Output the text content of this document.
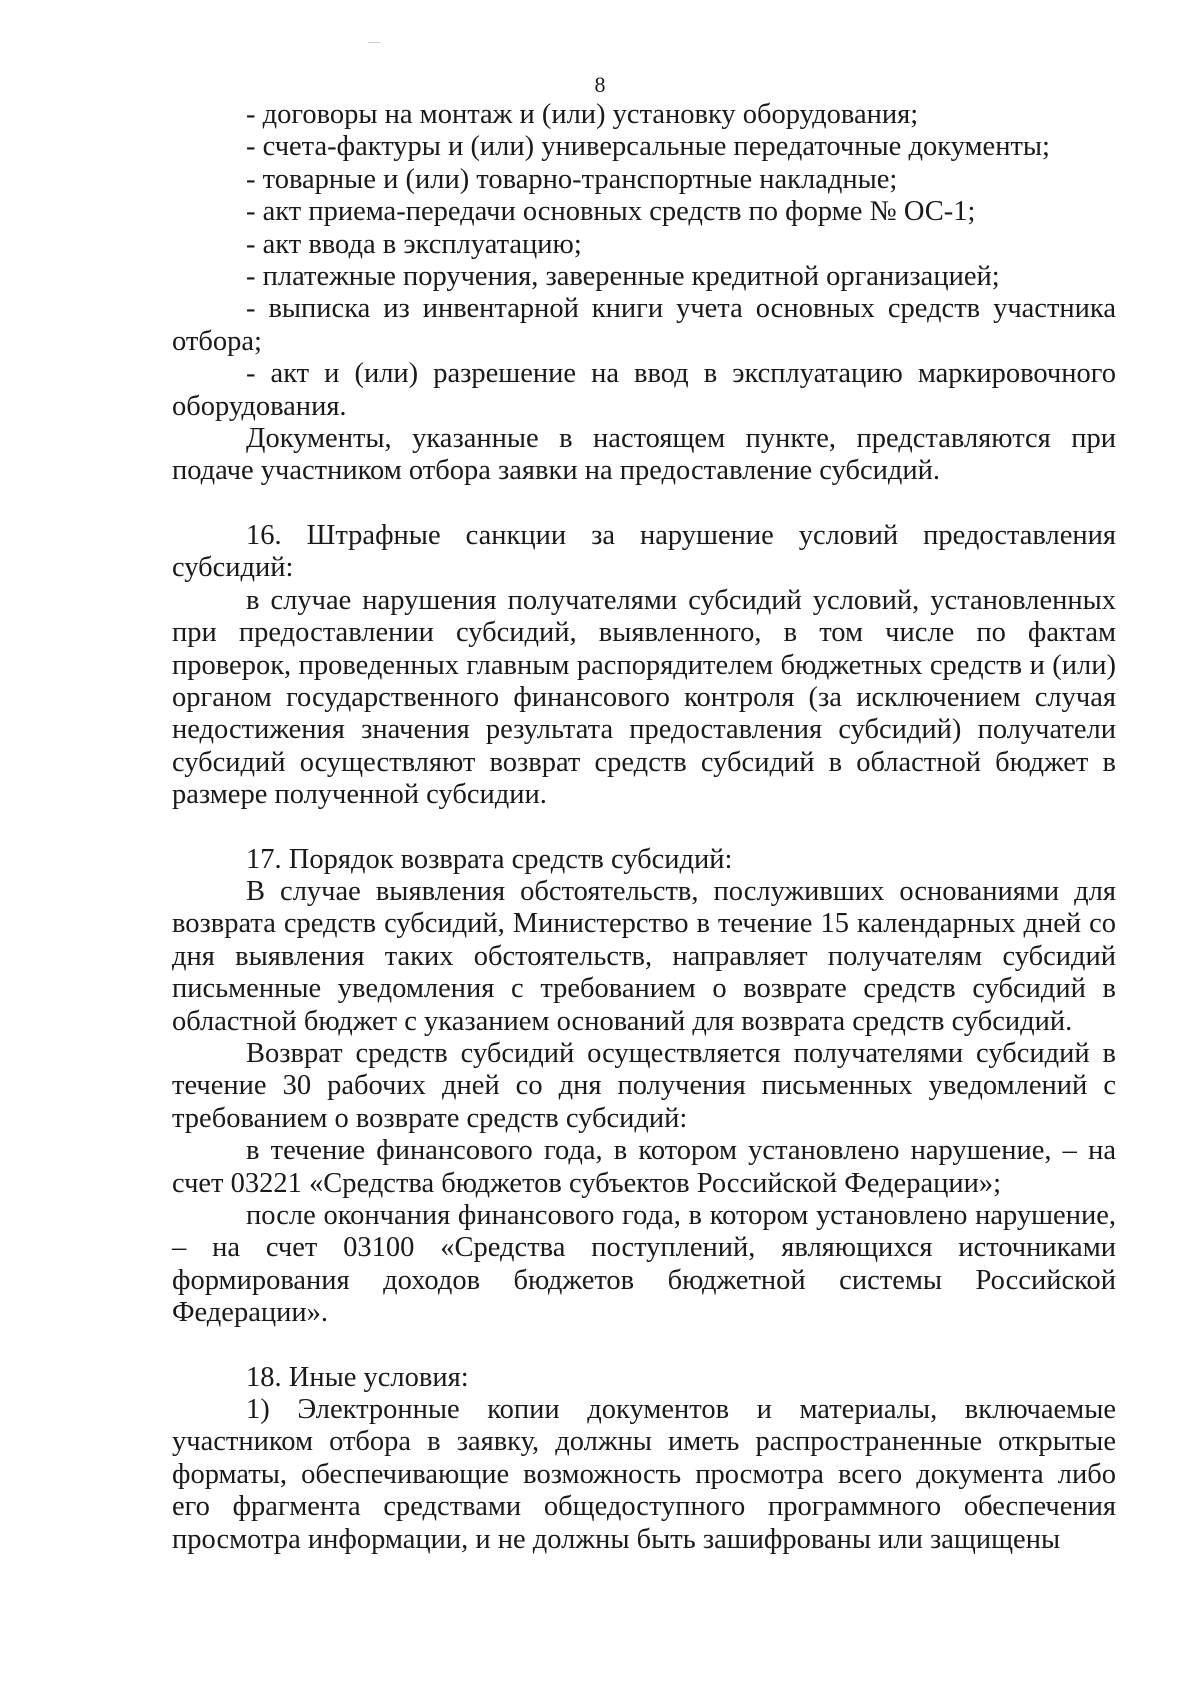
8

- договоры на монтаж и (или) установку оборудования;

- счета-фактуры и (или) универсальные передаточные документы;

- товарные и (или) товарно-транспортные накладные;

- акт приема-передачи основных средств по форме № ОС-1;

- акт ввода в эксплуатацию;

- платежные поручения, заверенные кредитной организацией;

- выписка из инвентарной книги учета основных средств участника отбора;

- акт и (или) разрешение на ввод в эксплуатацию маркировочного оборудования.

Документы, указанные в настоящем пункте, представляются при подаче участником отбора заявки на предоставление субсидий.

16. Штрафные санкции за нарушение условий предоставления субсидий:

в случае нарушения получателями субсидий условий, установленных при предоставлении субсидий, выявленного, в том числе по фактам проверок, проведенных главным распорядителем бюджетных средств и (или) органом государственного финансового контроля (за исключением случая недостижения значения результата предоставления субсидий) получатели субсидий осуществляют возврат средств субсидий в областной бюджет в размере полученной субсидии.

17. Порядок возврата средств субсидий:

В случае выявления обстоятельств, послуживших основаниями для возврата средств субсидий, Министерство в течение 15 календарных дней со дня выявления таких обстоятельств, направляет получателям субсидий письменные уведомления с требованием о возврате средств субсидий в областной бюджет с указанием оснований для возврата средств субсидий.

Возврат средств субсидий осуществляется получателями субсидий в течение 30 рабочих дней со дня получения письменных уведомлений с требованием о возврате средств субсидий:

в течение финансового года, в котором установлено нарушение, – на счет 03221 «Средства бюджетов субъектов Российской Федерации»;

после окончания финансового года, в котором установлено нарушение, – на счет 03100 «Средства поступлений, являющихся источниками формирования доходов бюджетов бюджетной системы Российской Федерации».

18. Иные условия:

1) Электронные копии документов и материалы, включаемые участником отбора в заявку, должны иметь распространенные открытые форматы, обеспечивающие возможность просмотра всего документа либо его фрагмента средствами общедоступного программного обеспечения просмотра информации, и не должны быть зашифрованы или защищены
